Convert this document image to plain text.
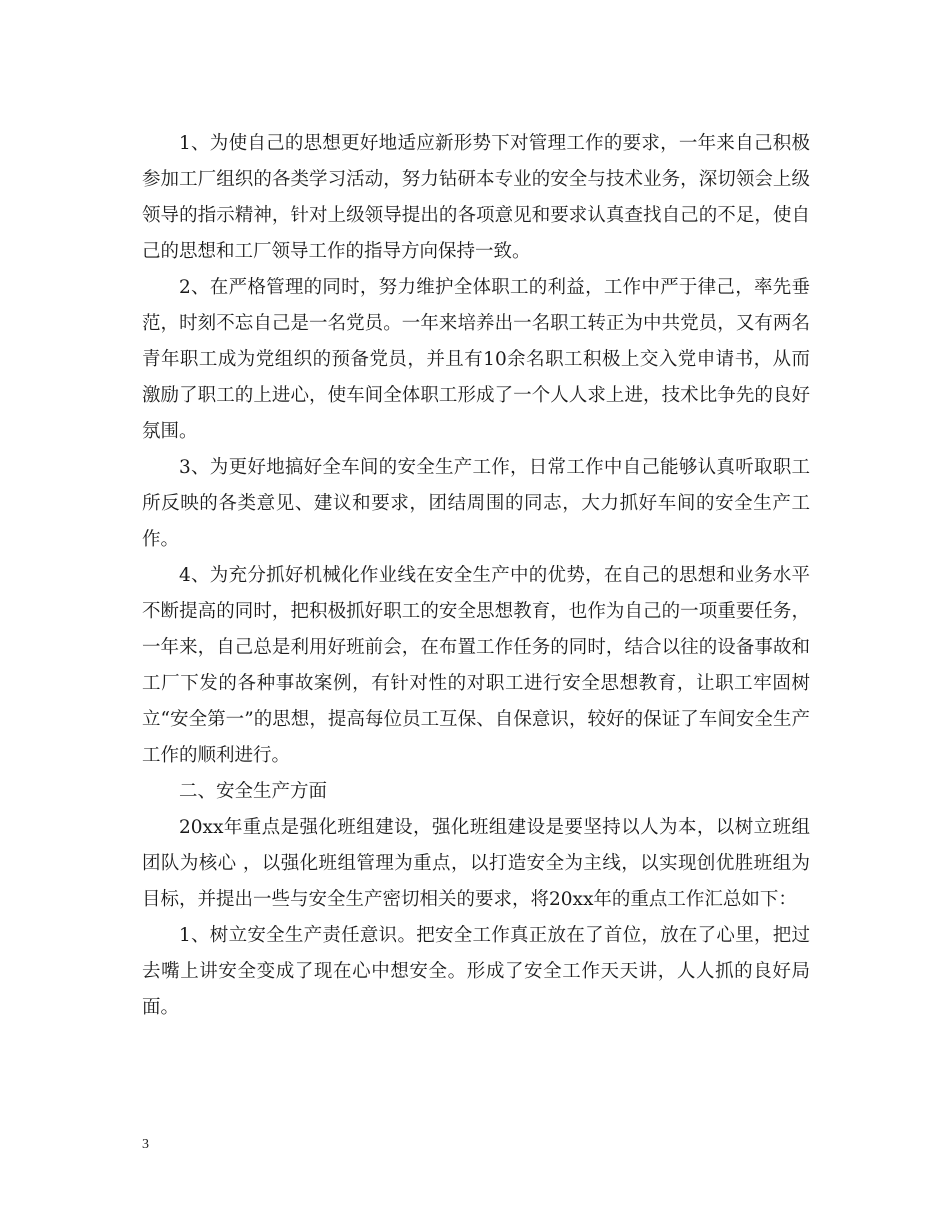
1、为使自己的思想更好地适应新形势下对管理工作的要求，一年来自己积极参加工厂组织的各类学习活动，努力钻研本专业的安全与技术业务，深切领会上级领导的指示精神，针对上级领导提出的各项意见和要求认真查找自己的不足，使自己的思想和工厂领导工作的指导方向保持一致。

2、在严格管理的同时，努力维护全体职工的利益，工作中严于律己，率先垂范，时刻不忘自己是一名党员。一年来培养出一名职工转正为中共党员，又有两名青年职工成为党组织的预备党员，并且有10余名职工积极上交入党申请书，从而激励了职工的上进心，使车间全体职工形成了一个人人求上进，技术比争先的良好氛围。

3、为更好地搞好全车间的安全生产工作，日常工作中自己能够认真听取职工所反映的各类意见、建议和要求，团结周围的同志，大力抓好车间的安全生产工作。

4、为充分抓好机械化作业线在安全生产中的优势，在自己的思想和业务水平不断提高的同时，把积极抓好职工的安全思想教育，也作为自己的一项重要任务，一年来，自己总是利用好班前会，在布置工作任务的同时，结合以往的设备事故和工厂下发的各种事故案例，有针对性的对职工进行安全思想教育，让职工牢固树立“安全第一”的思想，提高每位员工互保、自保意识，较好的保证了车间安全生产工作的顺利进行。

二、安全生产方面

20xx年重点是强化班组建设，强化班组建设是要坚持以人为本，以树立班组团队为核心 ，以强化班组管理为重点，以打造安全为主线，以实现创优胜班组为目标，并提出一些与安全生产密切相关的要求，将20xx年的重点工作汇总如下：

1、树立安全生产责任意识。把安全工作真正放在了首位，放在了心里，把过去嘴上讲安全变成了现在心中想安全。形成了安全工作天天讲，人人抓的良好局面。

3
